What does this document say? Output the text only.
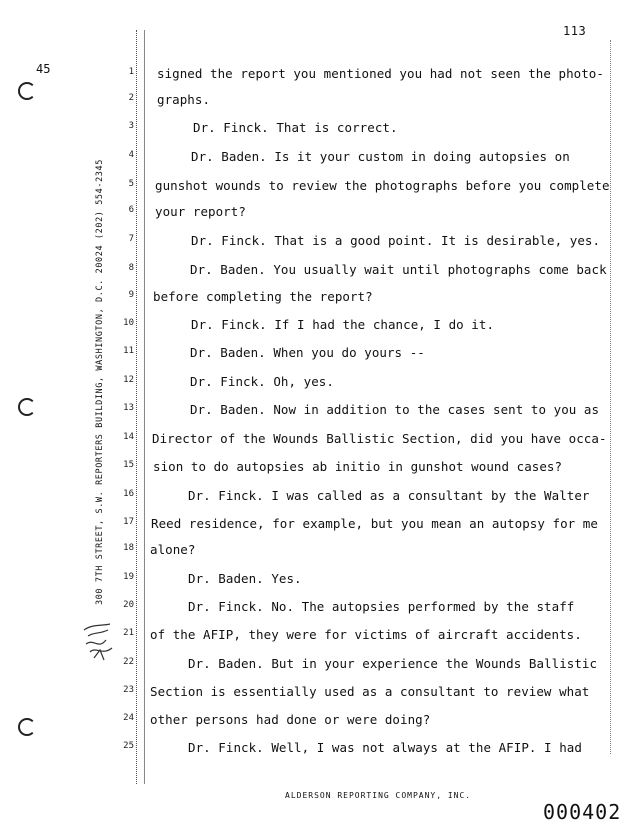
113
45
300 7TH STREET, S.W. REPORTERS BUILDING, WASHINGTON, D.C. 20024 (202) 554-2345
1
2
3
4
5
6
7
8
9
10
11
12
13
14
15
16
17
18
19
20
21
22
23
24
25
signed the report you mentioned you had not seen the photo-
graphs.
Dr. Finck. That is correct.
Dr. Baden. Is it your custom in doing autopsies on
gunshot wounds to review the photographs before you complete
your report?
Dr. Finck. That is a good point. It is desirable, yes.
Dr. Baden. You usually wait until photographs come back
before completing the report?
Dr. Finck. If I had the chance, I do it.
Dr. Baden. When you do yours --
Dr. Finck. Oh, yes.
Dr. Baden. Now in addition to the cases sent to you as
Director of the Wounds Ballistic Section, did you have occa-
sion to do autopsies ab initio in gunshot wound cases?
Dr. Finck. I was called as a consultant by the Walter
Reed residence, for example, but you mean an autopsy for me
alone?
Dr. Baden. Yes.
Dr. Finck. No. The autopsies performed by the staff
of the AFIP, they were for victims of aircraft accidents.
Dr. Baden. But in your experience the Wounds Ballistic
Section is essentially used as a consultant to review what
other persons had done or were doing?
Dr. Finck. Well, I was not always at the AFIP. I had
ALDERSON REPORTING COMPANY, INC.
000402
